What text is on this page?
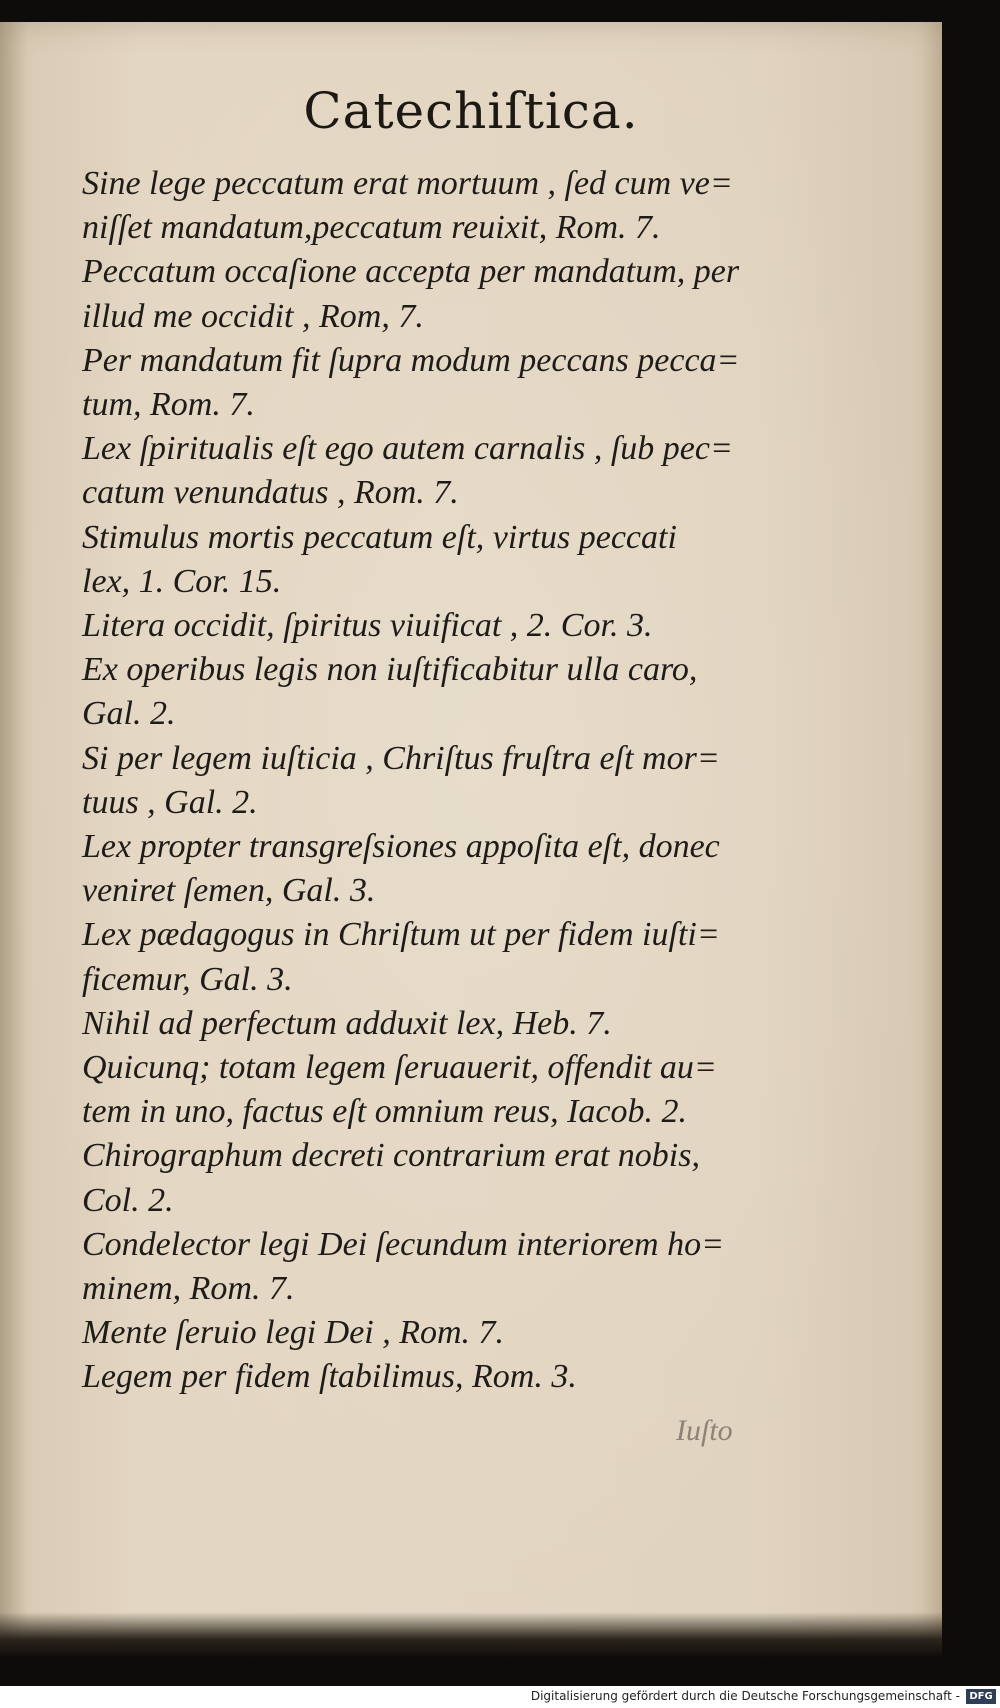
Catechiſtica.

Sine lege peccatum erat mortuum , ſed cum ve=

niſſet mandatum,peccatum reuixit, Rom. 7.

Peccatum occaſione accepta per mandatum, per

illud me occidit , Rom, 7.

Per mandatum fit ſupra modum peccans pecca=

tum, Rom. 7.

Lex ſpiritualis eſt ego autem carnalis , ſub pec=

catum venundatus , Rom. 7.

Stimulus mortis peccatum eſt, virtus peccati

lex, 1. Cor. 15.

Litera occidit, ſpiritus viuificat , 2. Cor. 3.

Ex operibus legis non iuſtificabitur ulla caro,

Gal. 2.

Si per legem iuſticia , Chriſtus fruſtra eſt mor=

tuus , Gal. 2.

Lex propter transgreſsiones appoſita eſt, donec

veniret ſemen, Gal. 3.

Lex pædagogus in Chriſtum ut per fidem iuſti=

ficemur, Gal. 3.

Nihil ad perfectum adduxit lex, Heb. 7.

Quicunq; totam legem ſeruauerit, offendit au=

tem in uno, factus eſt omnium reus, Iacob. 2.

Chirographum decreti contrarium erat nobis,

Col. 2.

Condelector legi Dei ſecundum interiorem ho=

minem, Rom. 7.

Mente ſeruio legi Dei , Rom. 7.

Legem per fidem ſtabilimus, Rom. 3.

Iuſto
Digitalisierung gefördert durch die Deutsche Forschungsgemeinschaft - DFG
